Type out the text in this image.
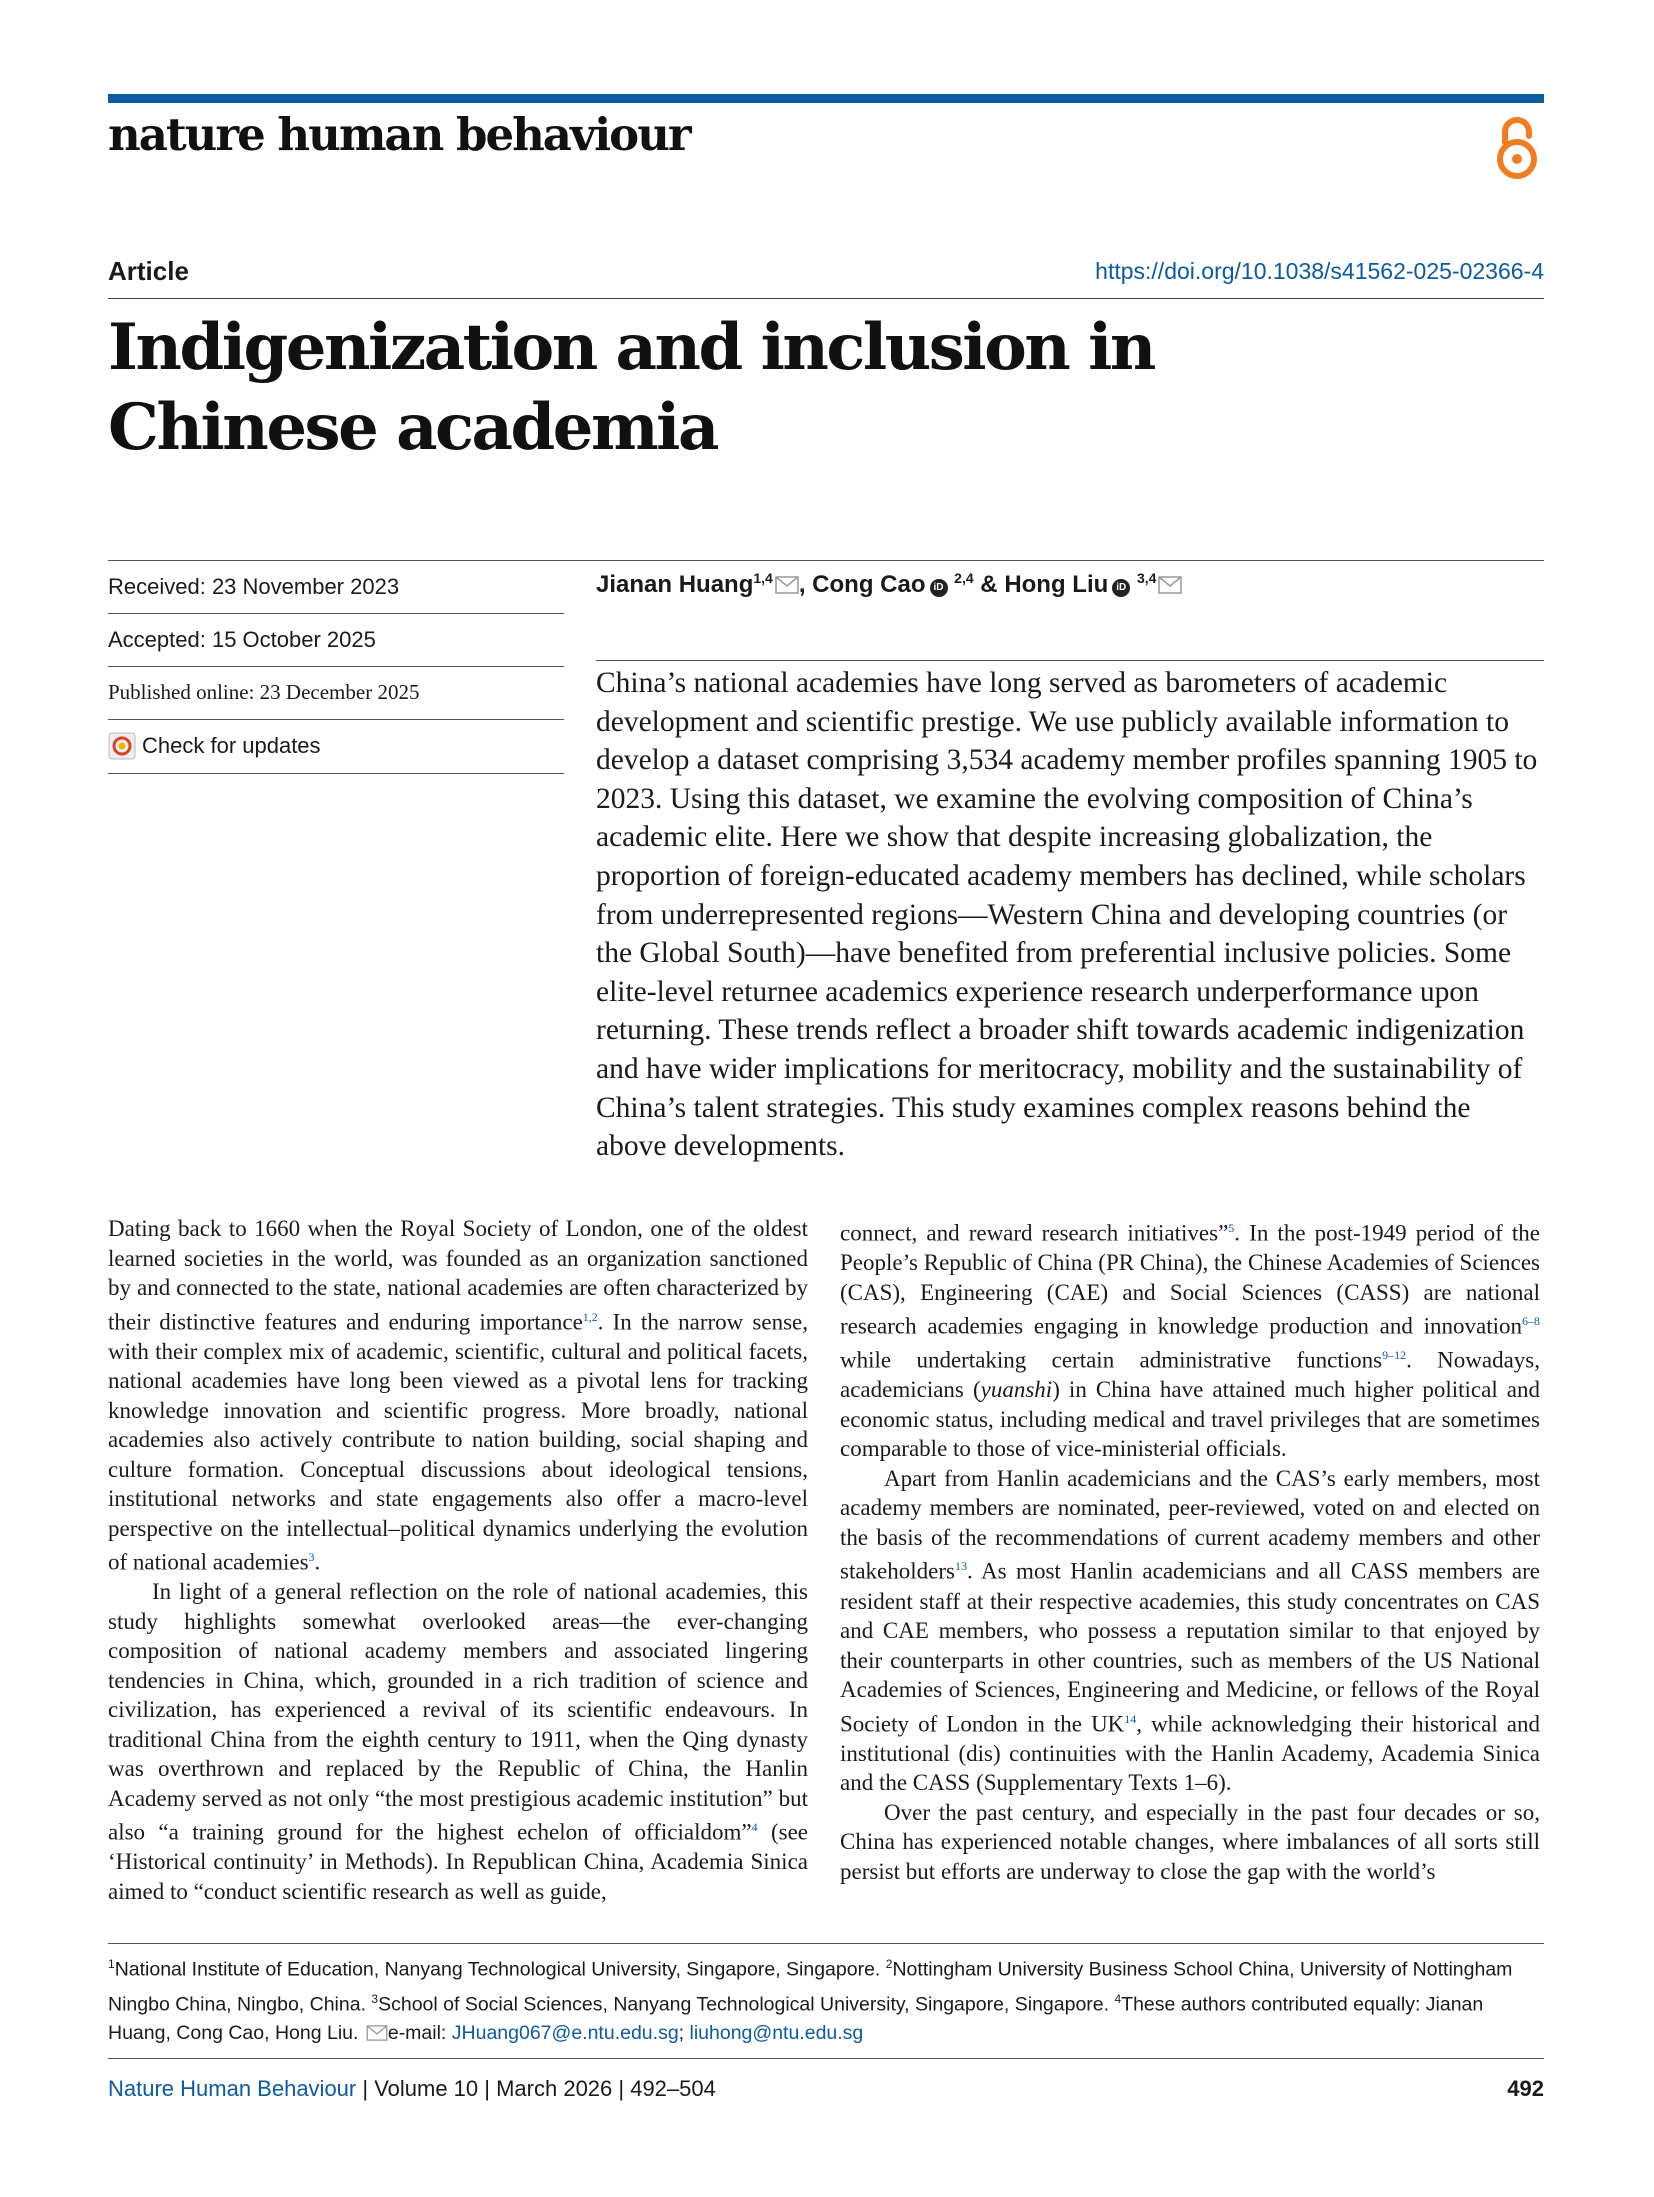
nature human behaviour
Article	https://doi.org/10.1038/s41562-025-02366-4
Indigenization and inclusion in
Chinese academia
Received: 23 November 2023
Accepted: 15 October 2025
Published online: 23 December 2025
Check for updates
Jianan Huang$^{1,4}$ , Cong Cao iD $^{2,4}$ & Hong Liu iD $^{3,4}$

China’s national academies have long served as barometers of academic development and scientific prestige. We use publicly available information to develop a dataset comprising 3,534 academy member profiles spanning 1905 to 2023. Using this dataset, we examine the evolving composition of China’s academic elite. Here we show that despite increasing globalization, the proportion of foreign-educated academy members has declined, while scholars from underrepresented regions—Western China and developing countries (or the Global South)—have benefited from preferential inclusive policies. Some elite-level returnee academics experience research underperformance upon returning. These trends reflect a broader shift towards academic indigenization and have wider implications for meritocracy, mobility and the sustainability of China’s talent strategies. This study examines complex reasons behind the above developments.

Dating back to 1660 when the Royal Society of London, one of the oldest learned societies in the world, was founded as an organization sanctioned by and connected to the state, national academies are often characterized by their distinctive features and enduring importance$^{1,2}$. In the narrow sense, with their complex mix of academic, scientific, cultural and political facets, national academies have long been viewed as a pivotal lens for tracking knowledge innovation and scientific progress. More broadly, national academies also actively contribute to nation building, social shaping and culture formation. Conceptual discussions about ideological tensions, institutional networks and state engagements also offer a macro-level perspective on the intellectual–political dynamics underlying the evolution of national academies$^3$.

In light of a general reflection on the role of national academies, this study highlights somewhat overlooked areas—the ever-changing composition of national academy members and associated lingering tendencies in China, which, grounded in a rich tradition of science and civilization, has experienced a revival of its scientific endeavours. In traditional China from the eighth century to 1911, when the Qing dynasty was overthrown and replaced by the Republic of China, the Hanlin Academy served as not only “the most prestigious academic institution” but also “a training ground for the highest echelon of officialdom”$^4$ (see ‘Historical continuity’ in Methods). In Republican China, Academia Sinica aimed to “conduct scientific research as well as guide,

connect, and reward research initiatives”$^5$. In the post-1949 period of the People’s Republic of China (PR China), the Chinese Academies of Sciences (CAS), Engineering (CAE) and Social Sciences (CASS) are national research academies engaging in knowledge production and innovation$^{6-8}$ while undertaking certain administrative functions$^{9-12}$. Nowadays, academicians (yuanshi) in China have attained much higher political and economic status, including medical and travel privileges that are sometimes comparable to those of vice-ministerial officials.

Apart from Hanlin academicians and the CAS’s early members, most academy members are nominated, peer-reviewed, voted on and elected on the basis of the recommendations of current academy members and other stakeholders$^{13}$. As most Hanlin academicians and all CASS members are resident staff at their respective academies, this study concentrates on CAS and CAE members, who possess a reputation similar to that enjoyed by their counterparts in other countries, such as members of the US National Academies of Sciences, Engineering and Medicine, or fellows of the Royal Society of London in the UK$^{14}$, while acknowledging their historical and institutional (dis) continuities with the Hanlin Academy, Academia Sinica and the CASS (Supplementary Texts 1–6).

Over the past century, and especially in the past four decades or so, China has experienced notable changes, where imbalances of all sorts still persist but efforts are underway to close the gap with the world’s

$^1$National Institute of Education, Nanyang Technological University, Singapore, Singapore. $^2$Nottingham University Business School China, University of Nottingham Ningbo China, Ningbo, China. $^3$School of Social Sciences, Nanyang Technological University, Singapore, Singapore. $^4$These authors contributed equally: Jianan Huang, Cong Cao, Hong Liu. e-mail: JHuang067@e.ntu.edu.sg; liuhong@ntu.edu.sg

Nature Human Behaviour | Volume 10 | March 2026 | 492–504	492
